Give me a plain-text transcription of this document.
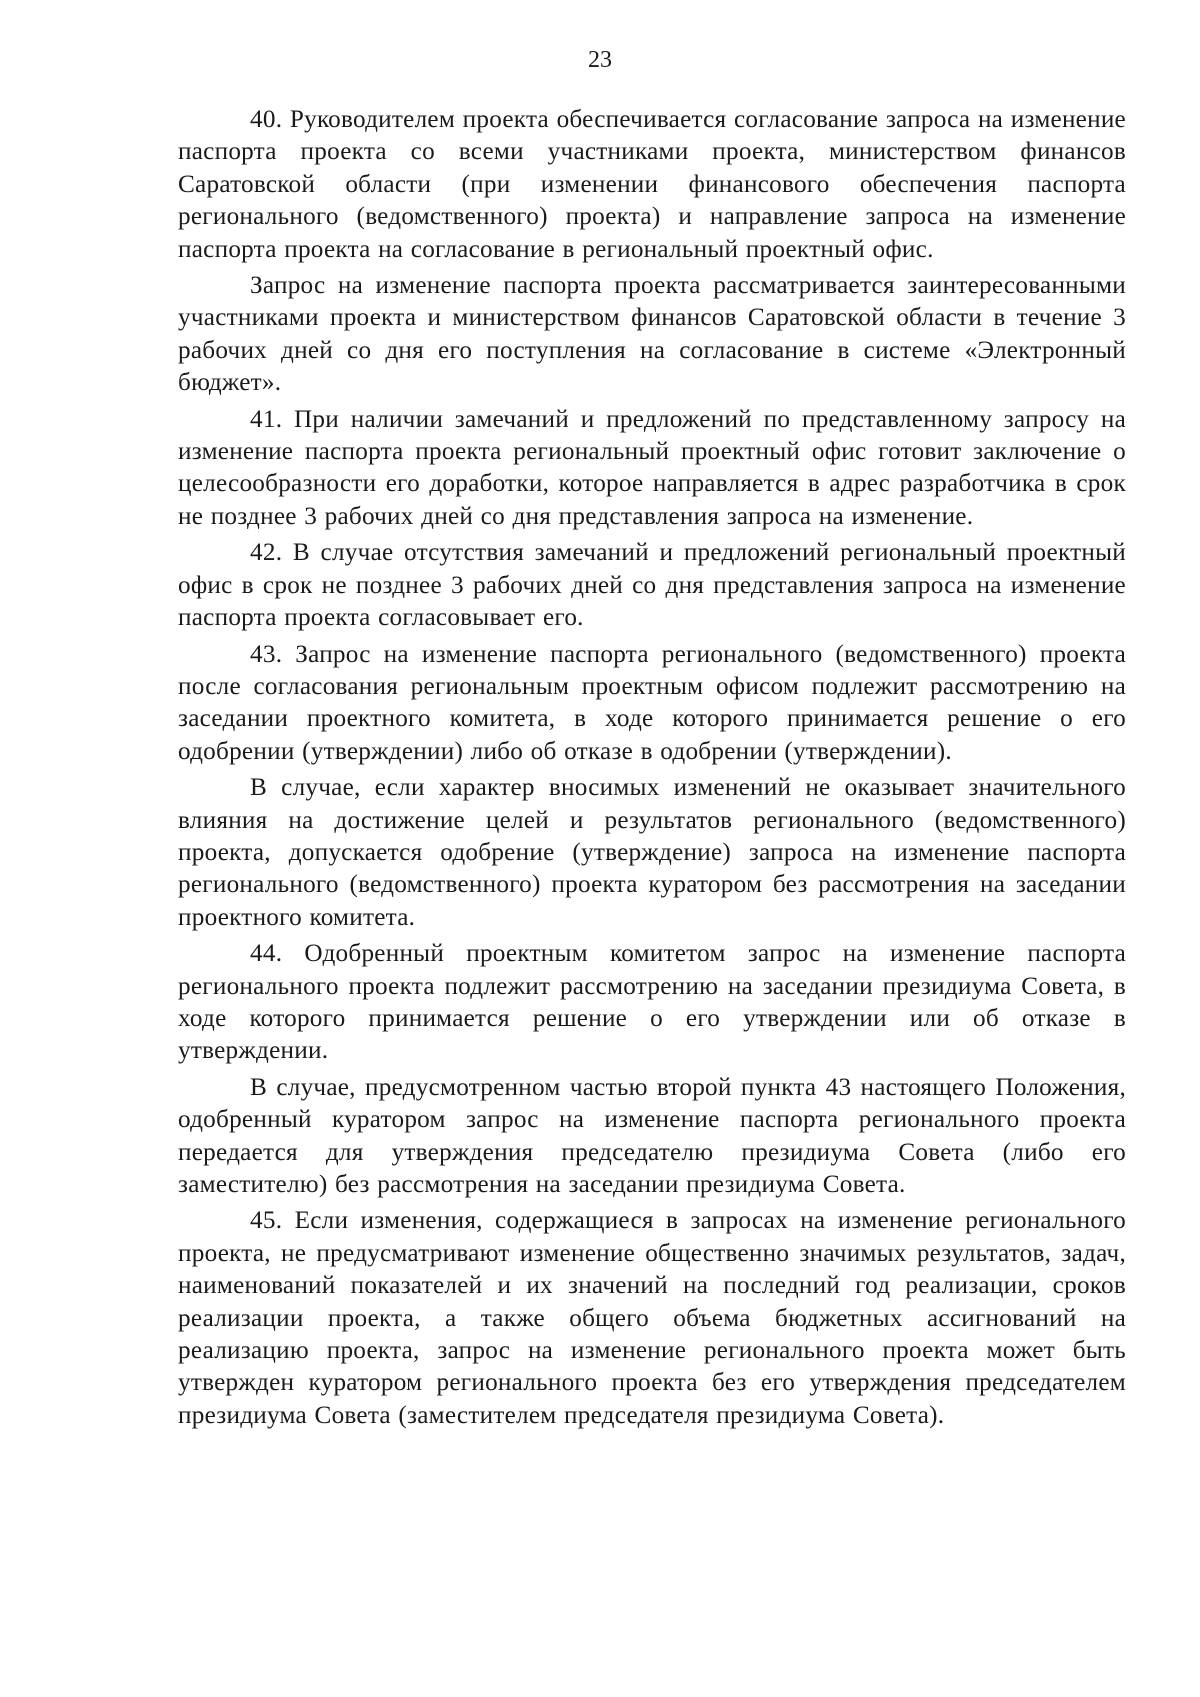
23

40. Руководителем проекта обеспечивается согласование запроса на изменение паспорта проекта со всеми участниками проекта, министерством финансов Саратовской области (при изменении финансового обеспечения паспорта регионального (ведомственного) проекта) и направление запроса на изменение паспорта проекта на согласование в региональный проектный офис.

Запрос на изменение паспорта проекта рассматривается заинтересованными участниками проекта и министерством финансов Саратовской области в течение 3 рабочих дней со дня его поступления на согласование в системе «Электронный бюджет».

41. При наличии замечаний и предложений по представленному запросу на изменение паспорта проекта региональный проектный офис готовит заключение о целесообразности его доработки, которое направляется в адрес разработчика в срок не позднее 3 рабочих дней со дня представления запроса на изменение.

42. В случае отсутствия замечаний и предложений региональный проектный офис в срок не позднее 3 рабочих дней со дня представления запроса на изменение паспорта проекта согласовывает его.

43. Запрос на изменение паспорта регионального (ведомственного) проекта после согласования региональным проектным офисом подлежит рассмотрению на заседании проектного комитета, в ходе которого принимается решение о его одобрении (утверждении) либо об отказе в одобрении (утверждении).

В случае, если характер вносимых изменений не оказывает значительного влияния на достижение целей и результатов регионального (ведомственного) проекта, допускается одобрение (утверждение) запроса на изменение паспорта регионального (ведомственного) проекта куратором без рассмотрения на заседании проектного комитета.

44. Одобренный проектным комитетом запрос на изменение паспорта регионального проекта подлежит рассмотрению на заседании президиума Совета, в ходе которого принимается решение о его утверждении или об отказе в утверждении.

В случае, предусмотренном частью второй пункта 43 настоящего Положения, одобренный куратором запрос на изменение паспорта регионального проекта передается для утверждения председателю президиума Совета (либо его заместителю) без рассмотрения на заседании президиума Совета.

45. Если изменения, содержащиеся в запросах на изменение регионального проекта, не предусматривают изменение общественно значимых результатов, задач, наименований показателей и их значений на последний год реализации, сроков реализации проекта, а также общего объема бюджетных ассигнований на реализацию проекта, запрос на изменение регионального проекта может быть утвержден куратором регионального проекта без его утверждения председателем президиума Совета (заместителем председателя президиума Совета).
